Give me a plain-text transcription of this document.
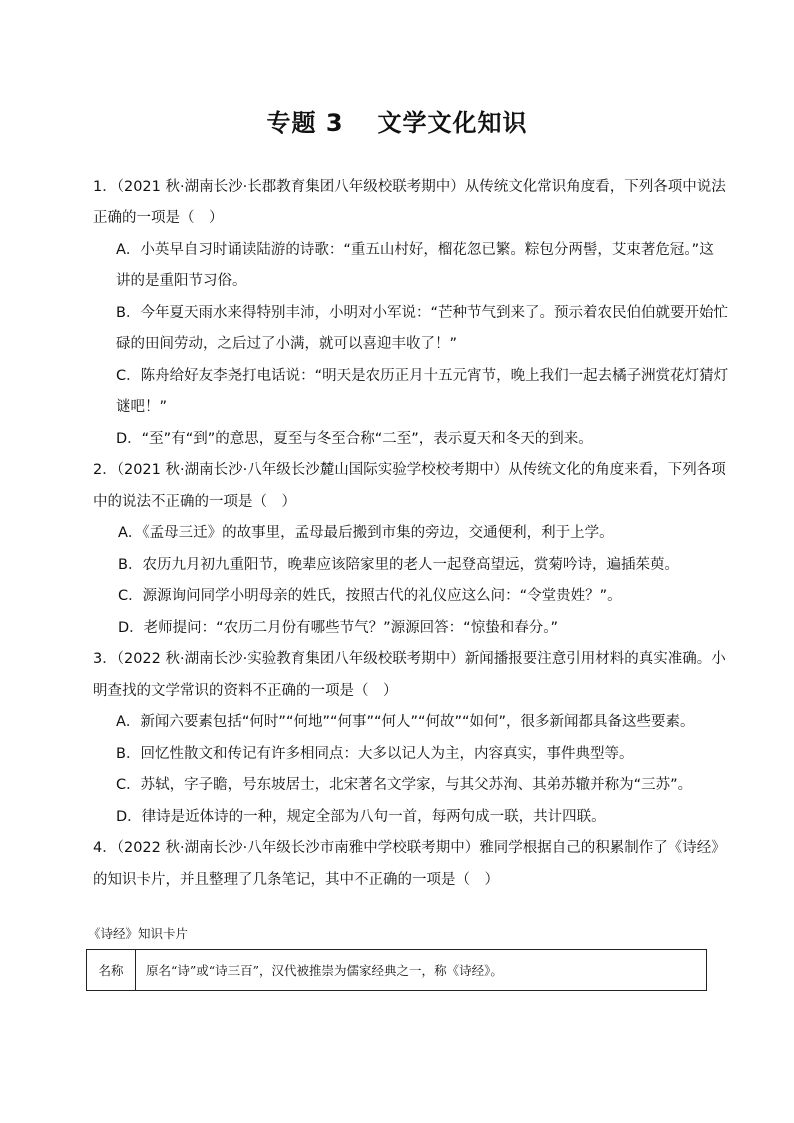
专题 3 文学文化知识
1．（2021 秋·湖南长沙·长郡教育集团八年级校联考期中）从传统文化常识角度看，下列各项中说法
正确的一项是（　）
A．小英早自习时诵读陆游的诗歌：“重五山村好，榴花忽已繁。粽包分两髻，艾束著危冠。”这
讲的是重阳节习俗。
B．今年夏天雨水来得特别丰沛，小明对小军说：“芒种节气到来了。预示着农民伯伯就要开始忙
碌的田间劳动，之后过了小满，就可以喜迎丰收了！”
C．陈舟给好友李尧打电话说：“明天是农历正月十五元宵节，晚上我们一起去橘子洲赏花灯猜灯
谜吧！”
D．“至”有“到”的意思，夏至与冬至合称“二至”，表示夏天和冬天的到来。
2．（2021 秋·湖南长沙·八年级长沙麓山国际实验学校校考期中）从传统文化的角度来看，下列各项
中的说法不正确的一项是（　）
A．《孟母三迁》的故事里，孟母最后搬到市集的旁边，交通便利，利于上学。
B．农历九月初九重阳节，晚辈应该陪家里的老人一起登高望远，赏菊吟诗，遍插茱萸。
C．源源询问同学小明母亲的姓氏，按照古代的礼仪应这么问：“令堂贵姓？”。
D．老师提问：“农历二月份有哪些节气？”源源回答：“惊蛰和春分。”
3．（2022 秋·湖南长沙·实验教育集团八年级校联考期中）新闻播报要注意引用材料的真实准确。小
明查找的文学常识的资料不正确的一项是（　）
A．新闻六要素包括“何时”“何地”“何事”“何人”“何故”“如何”，很多新闻都具备这些要素。
B．回忆性散文和传记有许多相同点：大多以记人为主，内容真实，事件典型等。
C．苏轼，字子瞻，号东坡居士，北宋著名文学家，与其父苏洵、其弟苏辙并称为“三苏”。
D．律诗是近体诗的一种，规定全部为八句一首，每两句成一联，共计四联。
4．（2022 秋·湖南长沙·八年级长沙市南雅中学校联考期中）雅同学根据自己的积累制作了《诗经》
的知识卡片，并且整理了几条笔记，其中不正确的一项是（　）
《诗经》知识卡片
名称	原名“诗”或“诗三百”，汉代被推崇为儒家经典之一，称《诗经》。
